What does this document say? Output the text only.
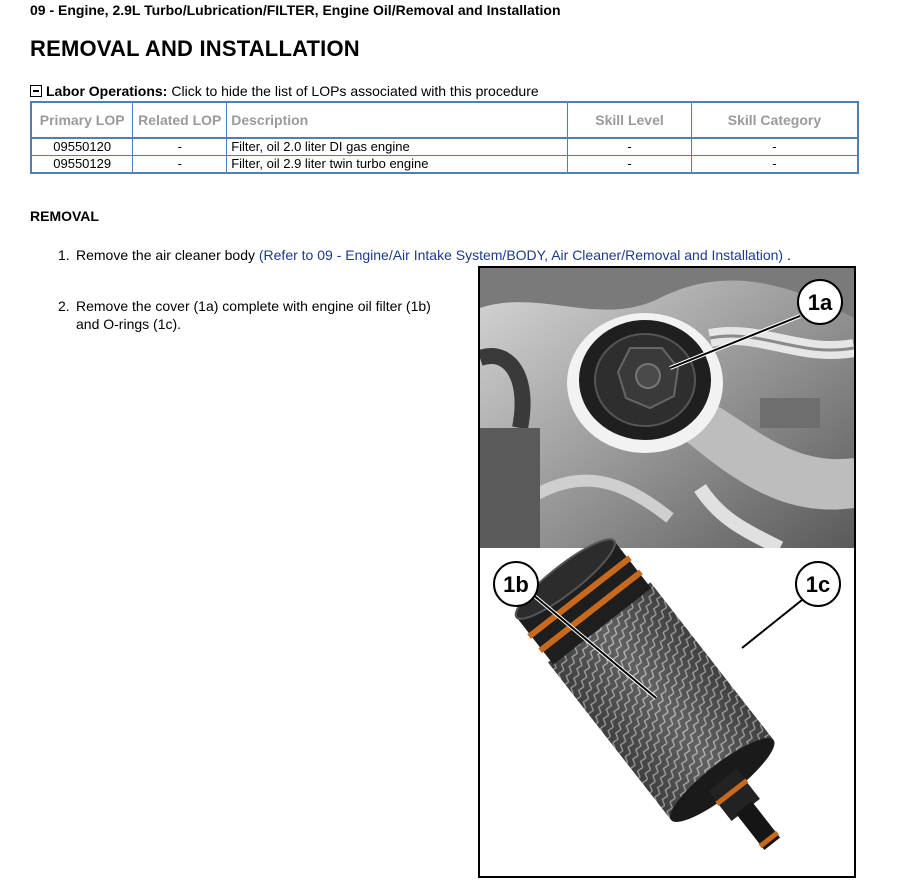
09 - Engine, 2.9L Turbo/Lubrication/FILTER, Engine Oil/Removal and Installation
REMOVAL AND INSTALLATION
Labor Operations: Click to hide the list of LOPs associated with this procedure
Primary LOP	Related LOP	Description	Skill Level	Skill Category
09550120	-	Filter, oil 2.0 liter DI gas engine	-	-
09550129	-	Filter, oil 2.9 liter twin turbo engine	-	-
REMOVAL
1. Remove the air cleaner body (Refer to 09 - Engine/Air Intake System/BODY, Air Cleaner/Removal and Installation) .
2. Remove the cover (1a) complete with engine oil filter (1b)
and O-rings (1c).
1a
1b	1c
